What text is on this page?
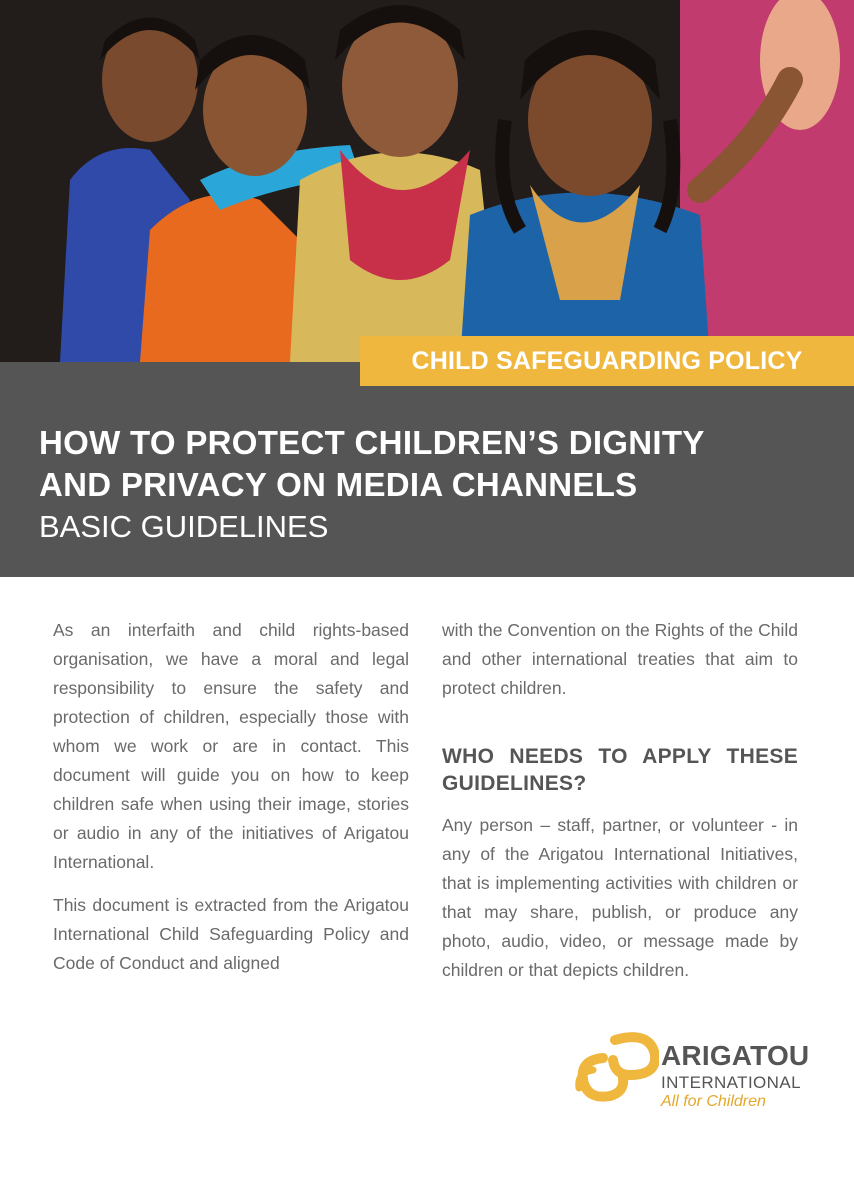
CHILD SAFEGUARDING POLICY
HOW TO PROTECT CHILDREN’S DIGNITY
AND PRIVACY ON MEDIA CHANNELS
BASIC GUIDELINES

As an interfaith and child rights-based organisation, we have a moral and legal responsibility to ensure the safety and protection of children, especially those with whom we work or are in contact. This document will guide you on how to keep children safe when using their image, stories or audio in any of the initiatives of Arigatou International.

This document is extracted from the Arigatou International Child Safeguarding Policy and Code of Conduct and aligned

with the Convention on the Rights of the Child and other international treaties that aim to protect children.

WHO NEEDS TO APPLY THESE GUIDELINES?

Any person – staff, partner, or volunteer - in any of the Arigatou International Initiatives, that is implementing activities with children or that may share, publish, or produce any photo, audio, video, or message made by children or that depicts children.

ARIGATOU
INTERNATIONAL
All for Children
